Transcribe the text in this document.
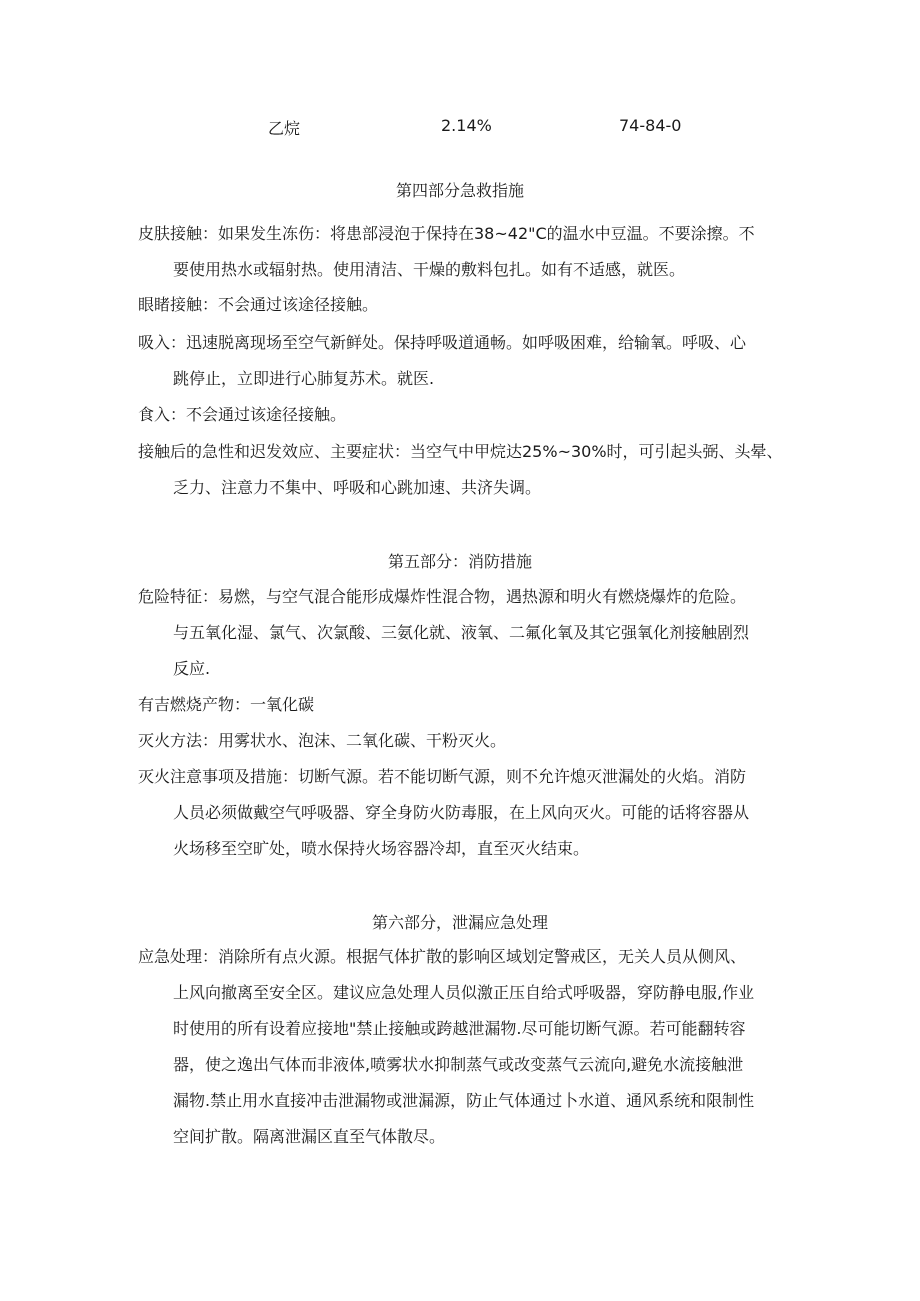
乙烷	2.14%	74-84-0
第四部分急救指施
皮肤接触：如果发生冻伤：将患部浸泡于保持在38~42"C的温水中豆温。不要涂擦。不
要使用热水或辐射热。使用清洁、干燥的敷料包扎。如有不适感，就医。
眼睹接触：不会通过该途径接触。
吸入：迅速脱离现场至空气新鲜处。保持呼吸道通畅。如呼吸困难，给输氧。呼吸、心
跳停止，立即进行心肺复苏术。就医.
食入：不会通过该途径接触。
接触后的急性和迟发效应、主要症状：当空气中甲烷达25%~30%时，可引起头弼、头晕、
乏力、注意力不集中、呼吸和心跳加速、共济失调。
第五部分：消防措施
危险特征：易燃，与空气混合能形成爆炸性混合物，遇热源和明火有燃烧爆炸的危险。
与五氧化湿、氯气、次氯酸、三氨化就、液氧、二氟化氧及其它强氧化剂接触剧烈
反应.
有吉燃烧产物：一氧化碳
灭火方法：用雾状水、泡沫、二氧化碳、干粉灭火。
灭火注意事项及措施：切断气源。若不能切断气源，则不允许熄灭泄漏处的火焰。消防
人员必须做戴空气呼吸器、穿全身防火防毒服，在上风向灭火。可能的话将容器从
火场移至空旷处，喷水保持火场容器冷却，直至灭火结束。
第六部分，泄漏应急处理
应急处理：消除所有点火源。根据气体扩散的影响区域划定警戒区，无关人员从侧风、
上风向撤离至安全区。建议应急处理人员似激正压自给式呼吸器，穿防静电服,作业
时使用的所有设着应接地"禁止接触或跨越泄漏物.尽可能切断气源。若可能翻转容
器，使之逸出气体而非液体,喷雾状水抑制蒸气或改变蒸气云流向,避免水流接触泄
漏物.禁止用水直接冲击泄漏物或泄漏源，防止气体通过卜水道、通风系统和限制性
空间扩散。隔离泄漏区直至气体散尽。
